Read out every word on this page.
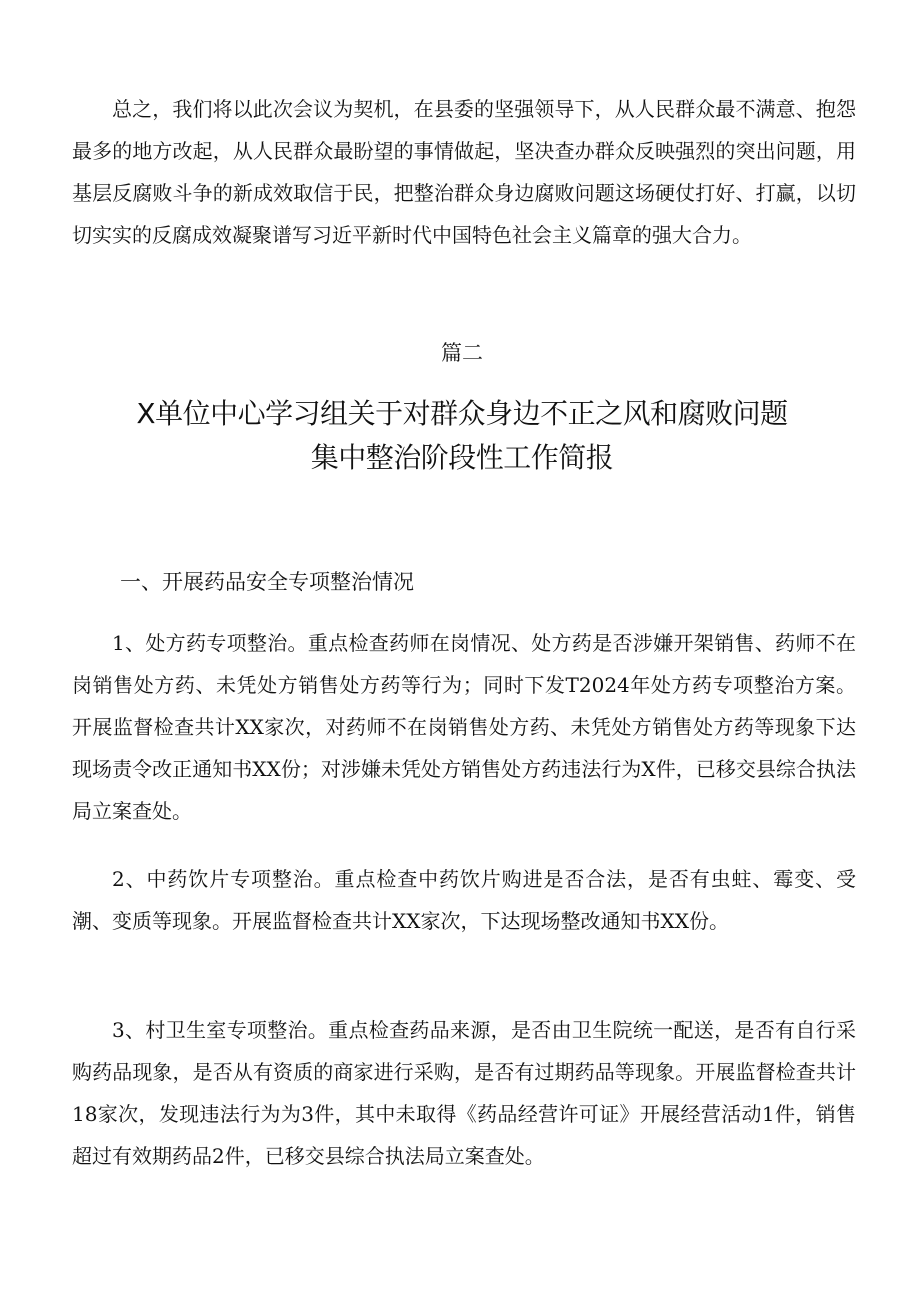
总之，我们将以此次会议为契机，在县委的坚强领导下，从人民群众最不满意、抱怨最多的地方改起，从人民群众最盼望的事情做起，坚决查办群众反映强烈的突出问题，用基层反腐败斗争的新成效取信于民，把整治群众身边腐败问题这场硬仗打好、打赢，以切切实实的反腐成效凝聚谱写习近平新时代中国特色社会主义篇章的强大合力。

篇二

X单位中心学习组关于对群众身边不正之风和腐败问题
集中整治阶段性工作简报
一、开展药品安全专项整治情况

1、处方药专项整治。重点检查药师在岗情况、处方药是否涉嫌开架销售、药师不在岗销售处方药、未凭处方销售处方药等行为；同时下发T2024年处方药专项整治方案。开展监督检查共计XX家次，对药师不在岗销售处方药、未凭处方销售处方药等现象下达现场责令改正通知书XX份；对涉嫌未凭处方销售处方药违法行为X件，已移交县综合执法局立案查处。

2、中药饮片专项整治。重点检查中药饮片购进是否合法，是否有虫蛀、霉变、受潮、变质等现象。开展监督检查共计XX家次，下达现场整改通知书XX份。

3、村卫生室专项整治。重点检查药品来源，是否由卫生院统一配送，是否有自行采购药品现象，是否从有资质的商家进行采购，是否有过期药品等现象。开展监督检查共计18家次，发现违法行为为3件，其中未取得《药品经营许可证》开展经营活动1件，销售超过有效期药品2件，已移交县综合执法局立案查处。
